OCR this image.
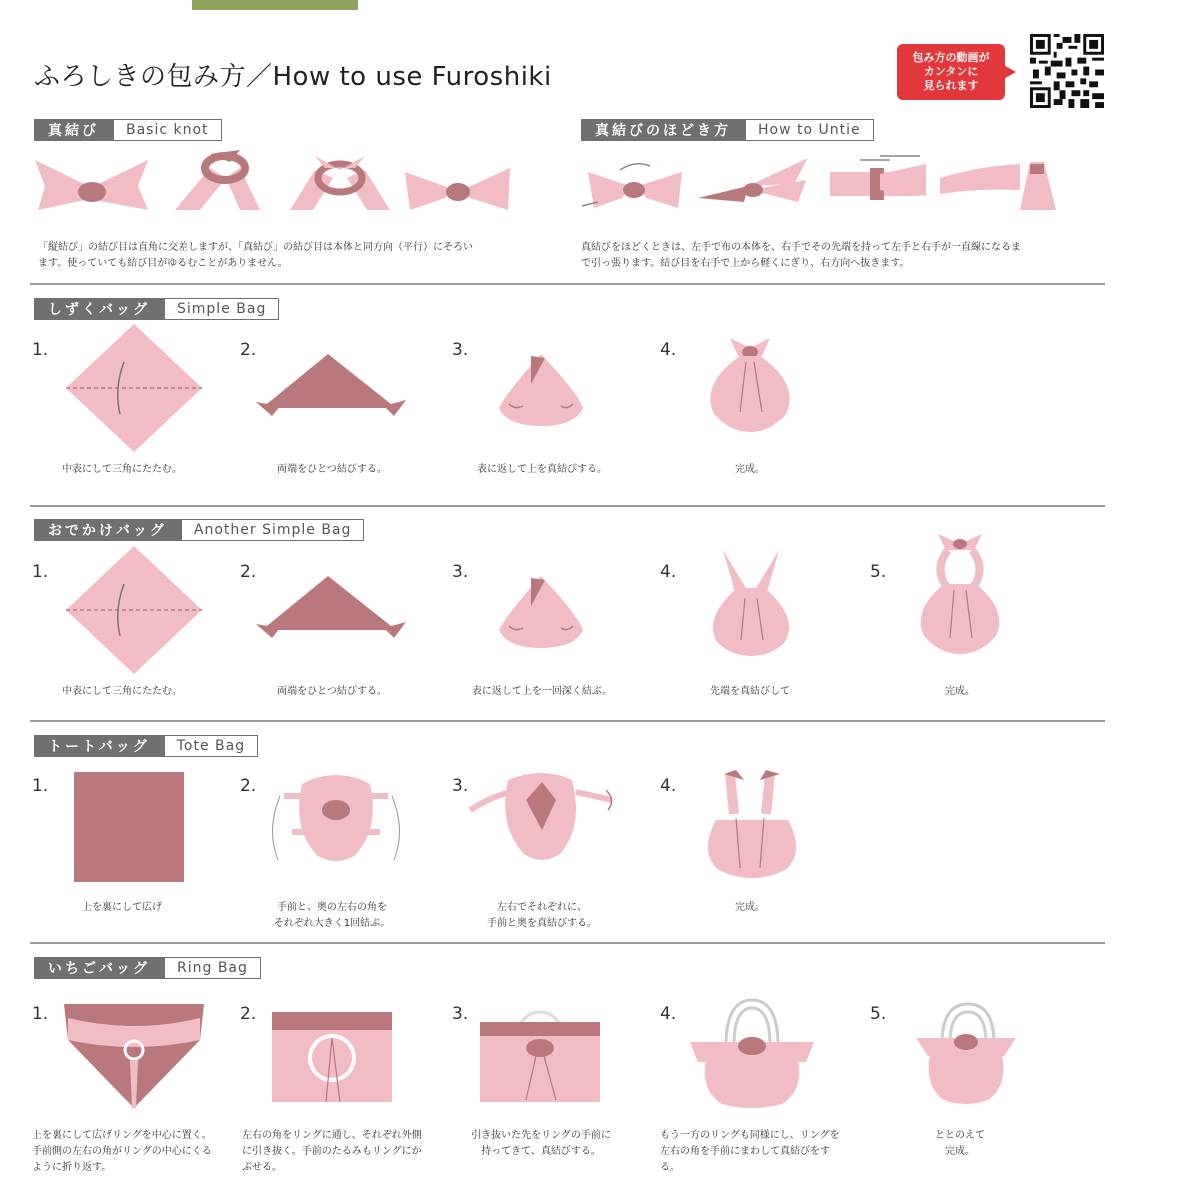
ふろしきの包み方／How to use Furoshiki
包み方の動画が
カンタンに
見られます
真結び	Basic knot
「縦結び」の結び目は直角に交差しますが、「真結び」の結び目は本体と同方向（平行）にそろい
ます。使っていても結び目がゆるむことがありません。
真結びのほどき方	How to Untie
真結びをほどくときは、左手で布の本体を、右手でその先端を持って左手と右手が一直線になるま
で引っ張ります。結び目を右手で上から軽くにぎり、右方向へ抜きます。
しずくバッグ	Simple Bag
1.	2.	3.	4.
中表にして三角にたたむ。	両端をひとつ結びする。	表に返して上を真結びする。	完成。
おでかけバッグ	Another Simple Bag
1.	2.	3.	4.	5.
中表にして三角にたたむ。	両端をひとつ結びする。	表に返して上を一回深く結ぶ。	先端を真結びして	完成。
トートバッグ	Tote Bag
1.	2.	3.	4.
上を裏にして広げ	手前と、奥の左右の角を
それぞれ大きく1回結ぶ。
左右でそれぞれに、
手前と奥を真結びする。
完成。
いちごバッグ	Ring Bag
1.	2.	3.	4.	5.
上を裏にして広げリングを中心に置く。手前側の左右の角がリングの中心にくるように折り返す。
左右の角をリングに通し、それぞれ外側に引き抜く。手前のたるみもリングにかぶせる。
引き抜いた先をリングの手前に
持ってきて、真結びする。
もう一方のリングも同様にし、リングを左右の角を手前にまわして真結びをする。
ととのえて
完成。
